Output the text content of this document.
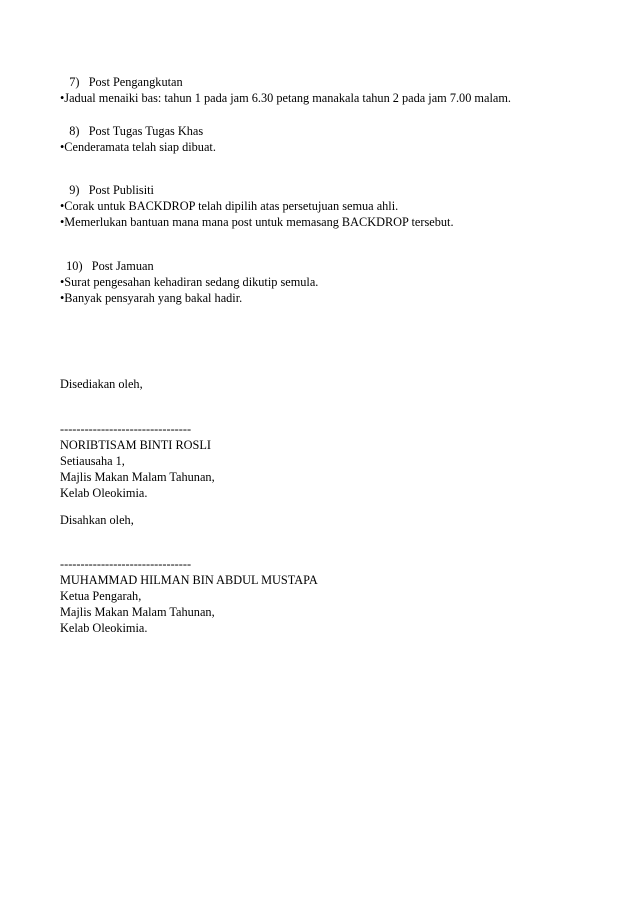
7)   Post Pengangkutan
•Jadual menaiki bas: tahun 1 pada jam 6.30 petang manakala tahun 2 pada jam 7.00 malam.
8)   Post Tugas Tugas Khas
•Cenderamata telah siap dibuat.
9)   Post Publisiti
•Corak untuk BACKDROP telah dipilih atas persetujuan semua ahli.
•Memerlukan bantuan mana mana post untuk memasang BACKDROP tersebut.
10)   Post Jamuan
•Surat pengesahan kehadiran sedang dikutip semula.
•Banyak pensyarah yang bakal hadir.
Disediakan oleh,
--------------------------------
NORIBTISAM BINTI ROSLI
Setiausaha 1,
Majlis Makan Malam Tahunan,
Kelab Oleokimia.
Disahkan oleh,
--------------------------------
MUHAMMAD HILMAN BIN ABDUL MUSTAPA
Ketua Pengarah,
Majlis Makan Malam Tahunan,
Kelab Oleokimia.
